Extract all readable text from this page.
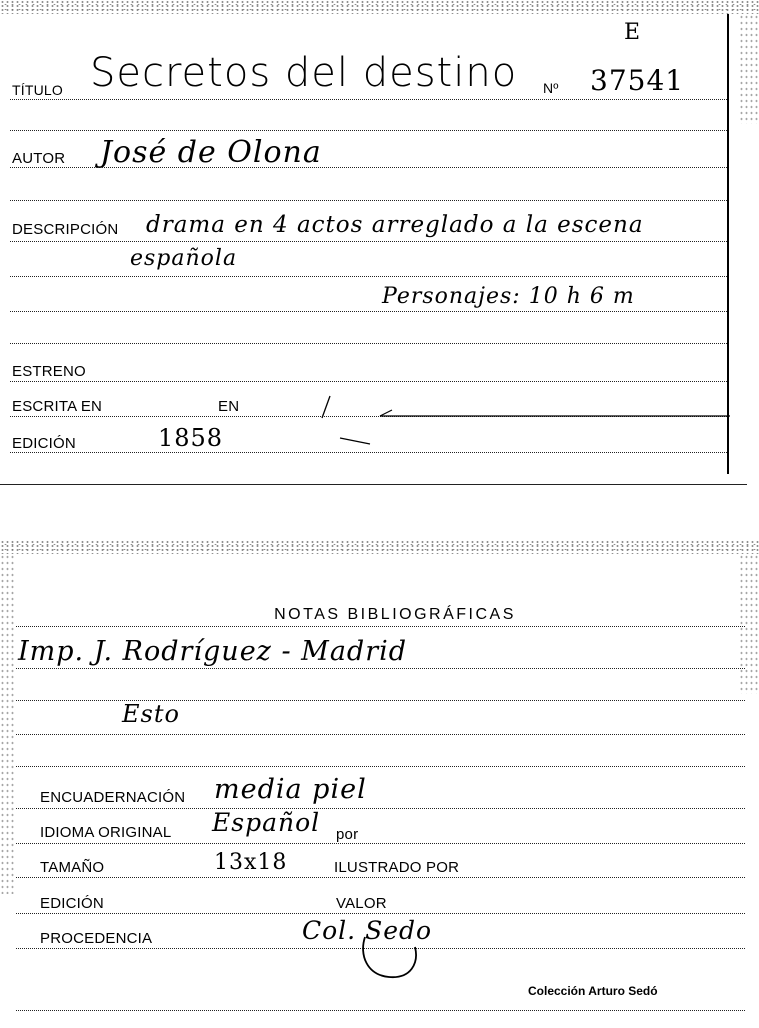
E
TÍTULO Secretos del destino Nº 37541
AUTOR José de Olona
DESCRIPCIÓN drama en 4 actos arreglado a la escena
española
Personajes: 10 h 6 m
ESTRENO
ESCRITA EN	EN
EDICIÓN	1858
NOTAS BIBLIOGRÁFICAS
Imp. J. Rodríguez - Madrid
Esto
ENCUADERNACIÓN media piel
IDIOMA ORIGINAL Español por
TAMAÑO	13x18	ILUSTRADO POR
EDICIÓN	VALOR
PROCEDENCIA	Col. Sedo
Colección Arturo Sedó
